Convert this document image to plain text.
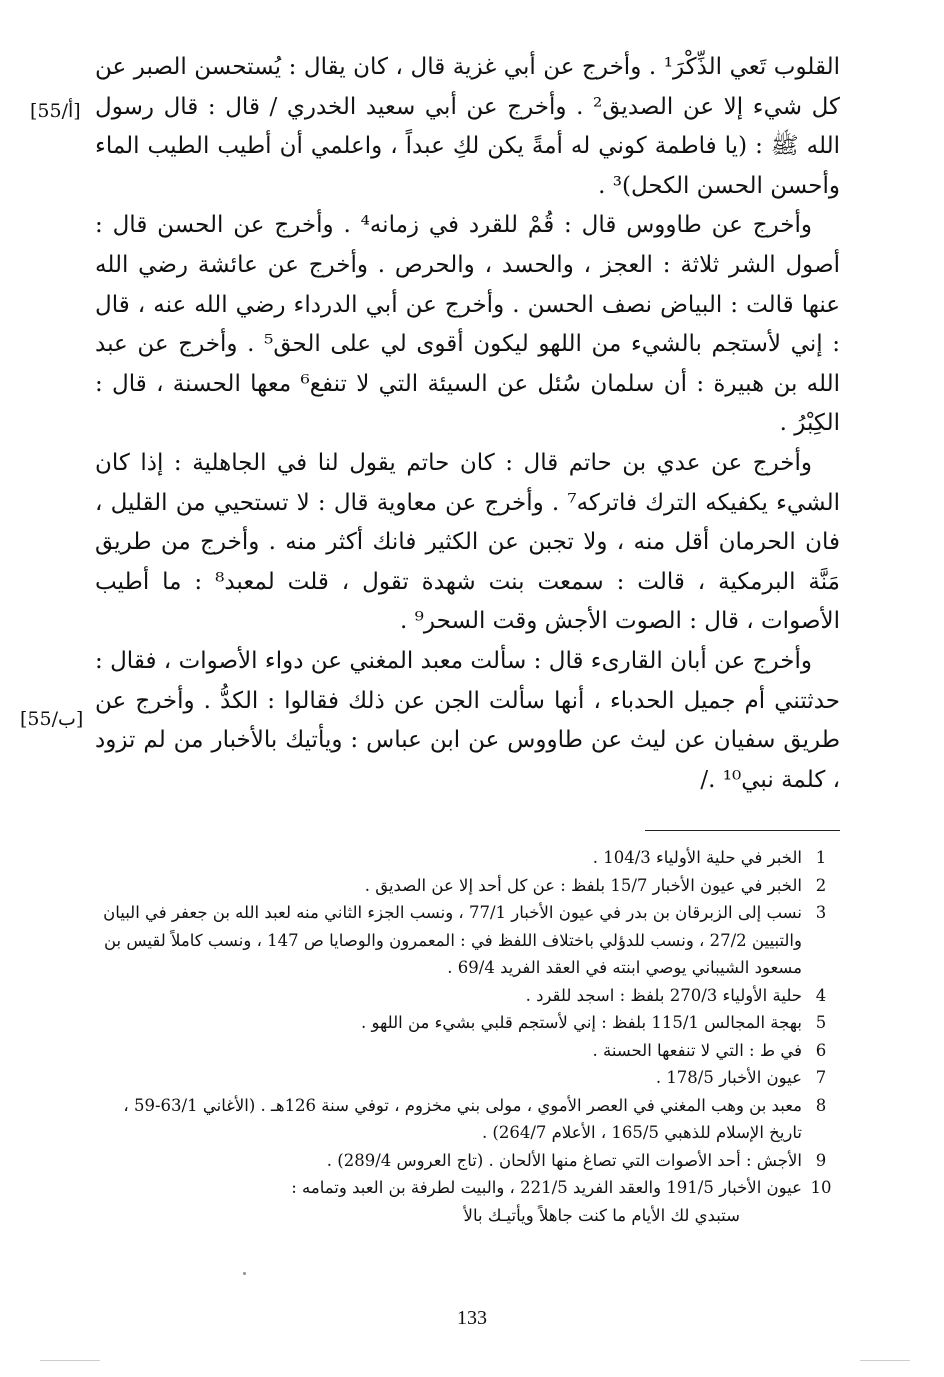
القلوب تَعي الذِّكْرَ¹ . وأخرج عن أبي غزية قال ، كان يقال : يُستحسن الصبر عن كل شيء إلا عن الصديق² . وأخرج عن أبي سعيد الخدري / قال : قال رسول الله ﷺ : (يا فاطمة كوني له أمةً يكن لكِ عبداً ، واعلمي أن أطيب الطيب الماء وأحسن الحسن الكحل)³ .

وأخرج عن طاووس قال : قُمْ للقرد في زمانه⁴ . وأخرج عن الحسن قال : أصول الشر ثلاثة : العجز ، والحسد ، والحرص . وأخرج عن عائشة رضي الله عنها قالت : البياض نصف الحسن . وأخرج عن أبي الدرداء رضي الله عنه ، قال : إني لأستجم بالشيء من اللهو ليكون أقوى لي على الحق⁵ . وأخرج عن عبد الله بن هبيرة : أن سلمان سُئل عن السيئة التي لا تنفع⁶ معها الحسنة ، قال : الكِبْرُ .

وأخرج عن عدي بن حاتم قال : كان حاتم يقول لنا في الجاهلية : إذا كان الشيء يكفيكه الترك فاتركه⁷ . وأخرج عن معاوية قال : لا تستحيي من القليل ، فان الحرمان أقل منه ، ولا تجبن عن الكثير فانك أكثر منه . وأخرج من طريق مَنَّة البرمكية ، قالت : سمعت بنت شهدة تقول ، قلت لمعبد⁸ : ما أطيب الأصوات ، قال : الصوت الأجش وقت السحر⁹ .

وأخرج عن أبان القارىء قال : سألت معبد المغني عن دواء الأصوات ، فقال : حدثتني أم جميل الحدباء ، أنها سألت الجن عن ذلك فقالوا : الكدُّ . وأخرج عن طريق سفيان عن ليث عن طاووس عن ابن عباس : ويأتيك بالأخبار من لم تزود ، كلمة نبي¹⁰ ./

[55/أ]
[55/ب]
1
الخبر في حلية الأولياء 104/3 .
2
الخبر في عيون الأخبار 15/7 بلفظ : عن كل أحد إلا عن الصديق .
3
نسب إلى الزبرقان بن بدر في عيون الأخبار 77/1 ، ونسب الجزء الثاني منه لعبد الله بن جعفر في البيان والتبيين 27/2 ، ونسب للدؤلي باختلاف اللفظ في : المعمرون والوصايا ص 147 ، ونسب كاملاً لقيس بن مسعود الشيباني يوصي ابنته في العقد الفريد 69/4 .
4
حلية الأولياء 270/3 بلفظ : اسجد للقرد .
5
بهجة المجالس 115/1 بلفظ : إني لأستجم قلبي بشيء من اللهو .
6
في ط : التي لا تنفعها الحسنة .
7
عيون الأخبار 178/5 .
8
معبد بن وهب المغني في العصر الأموي ، مولى بني مخزوم ، توفي سنة 126هـ . (الأغاني 63/1-59 ، تاريخ الإسلام للذهبي 165/5 ، الأعلام 264/7) .
9
الأجش : أحد الأصوات التي تصاغ منها الألحان . (تاج العروس 289/4) .
10
عيون الأخبار 191/5 والعقد الفريد 221/5 ، والبيت لطرفة بن العبد وتمامه :
ستبدي لك الأيام ما كنت جاهلاً ويأتيـك بالأ
133
